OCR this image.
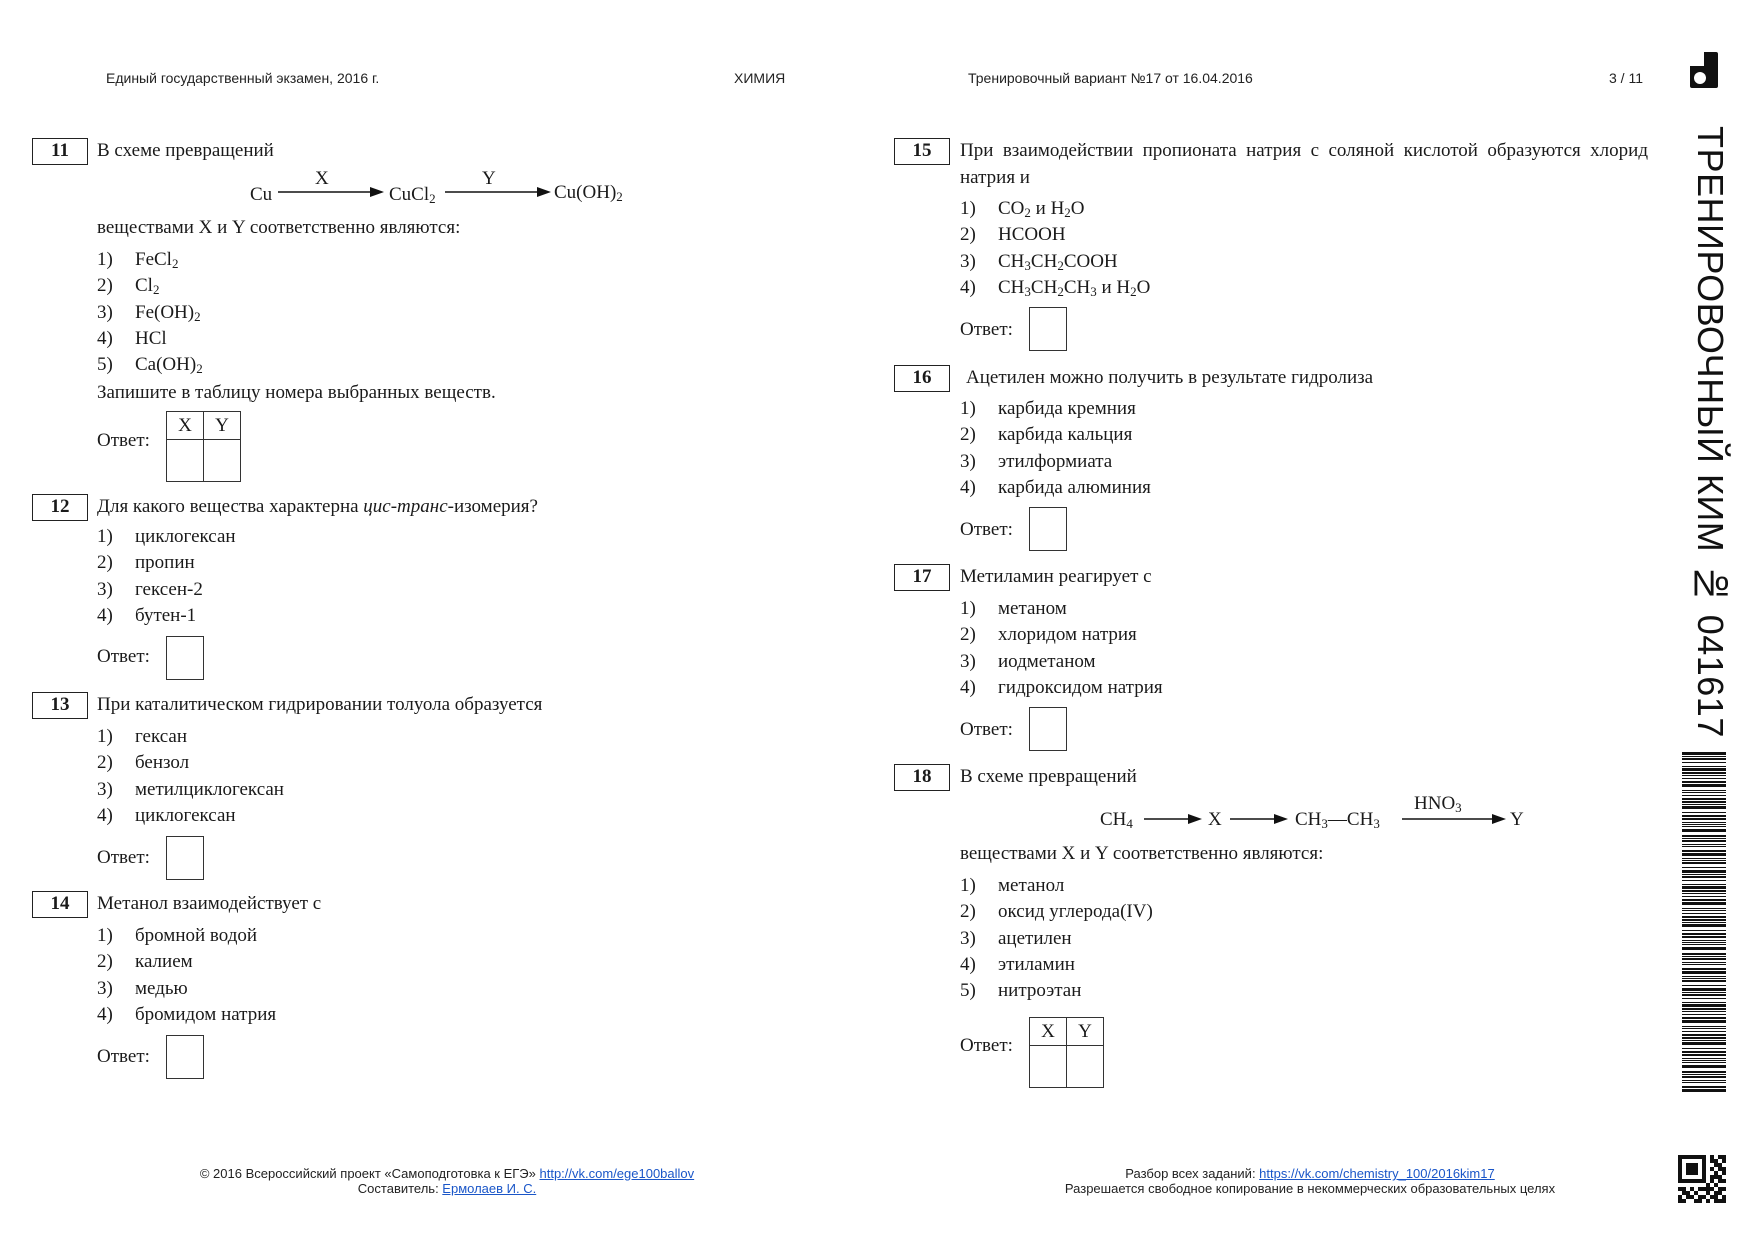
Единый государственный экзамен, 2016 г.	ХИМИЯ	Тренировочный вариант №17 от 16.04.2016	3 / 11
ТРЕНИРОВОЧНЫЙ КИМ № 041617
11	В схеме превращений
Cu
X
CuCl$_2$
Y
$Cu(OH)_2$
веществами X и Y соответственно являются:
1)	FeCl$_2$
2)	$Cl_2$
3)	$Fe(OH)_2$
4)	HCl
5)	$Ca(OH)_2$
Запишите в таблицу номера выбранных веществ.
Ответ:
X	Y

12	Для какого вещества характерна цис-транс-изомерия?
1)	циклогексан
2)	пропин
3)	гексен-2
4)	бутен-1
Ответ:
13	При каталитическом гидрировании толуола образуется
1)	гексан
2)	бензол
3)	метилциклогексан
4)	циклогексан
Ответ:
14	Метанол взаимодействует с
1)	бромной водой
2)	калием
3)	медью
4)	бромидом натрия
Ответ:
15	При взаимодействии пропионата натрия с соляной кислотой образуются хлорид натрия и
1)	$CO_2$ и $H_2O$
2)	HCOOH
3)	$CH_3CH_2COOH$
4)	$CH_3CH_2CH_3$ и $H_2O$
Ответ:
16	Ацетилен можно получить в результате гидролиза
1)	карбида кремния
2)	карбида кальция
3)	этилформиата
4)	карбида алюминия
Ответ:
17	Метиламин реагирует с
1)	метаном
2)	хлоридом натрия
3)	иодметаном
4)	гидроксидом натрия
Ответ:
18	В схеме превращений
$CH_4$	X	$CH_3—CH_3$
$HNO_3$
Y
веществами X и Y соответственно являются:
1)	метанол
2)	оксид углерода(IV)
3)	ацетилен
4)	этиламин
5)	нитроэтан
Ответ:
X	Y

© 2016 Всероссийский проект «Самоподготовка к ЕГЭ» http://vk.com/ege100ballov
Составитель: Ермолаев И. С.
Разбор всех заданий: https://vk.com/chemistry_100/2016kim17
Разрешается свободное копирование в некоммерческих образовательных целях
